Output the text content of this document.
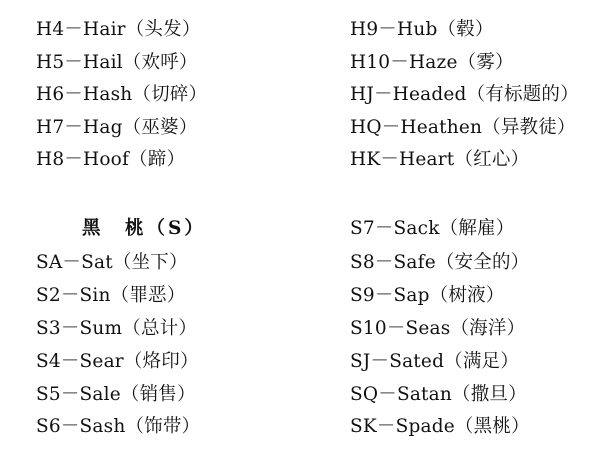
H4－Hair（头发）
H5－Hail（欢呼）
H6－Hash（切碎）
H7－Hag（巫婆）
H8－Hoof（蹄）
黑　桃（S）
SA－Sat（坐下）
S2－Sin（罪恶）
S3－Sum（总计）
S4－Sear（烙印）
S5－Sale（销售）
S6－Sash（饰带）
H9－Hub（毂）
H10－Haze（雾）
HJ－Headed（有标题的）
HQ－Heathen（异教徒）
HK－Heart（红心）
S7－Sack（解雇）
S8－Safe（安全的）
S9－Sap（树液）
S10－Seas（海洋）
SJ－Sated（满足）
SQ－Satan（撒旦）
SK－Spade（黑桃）
